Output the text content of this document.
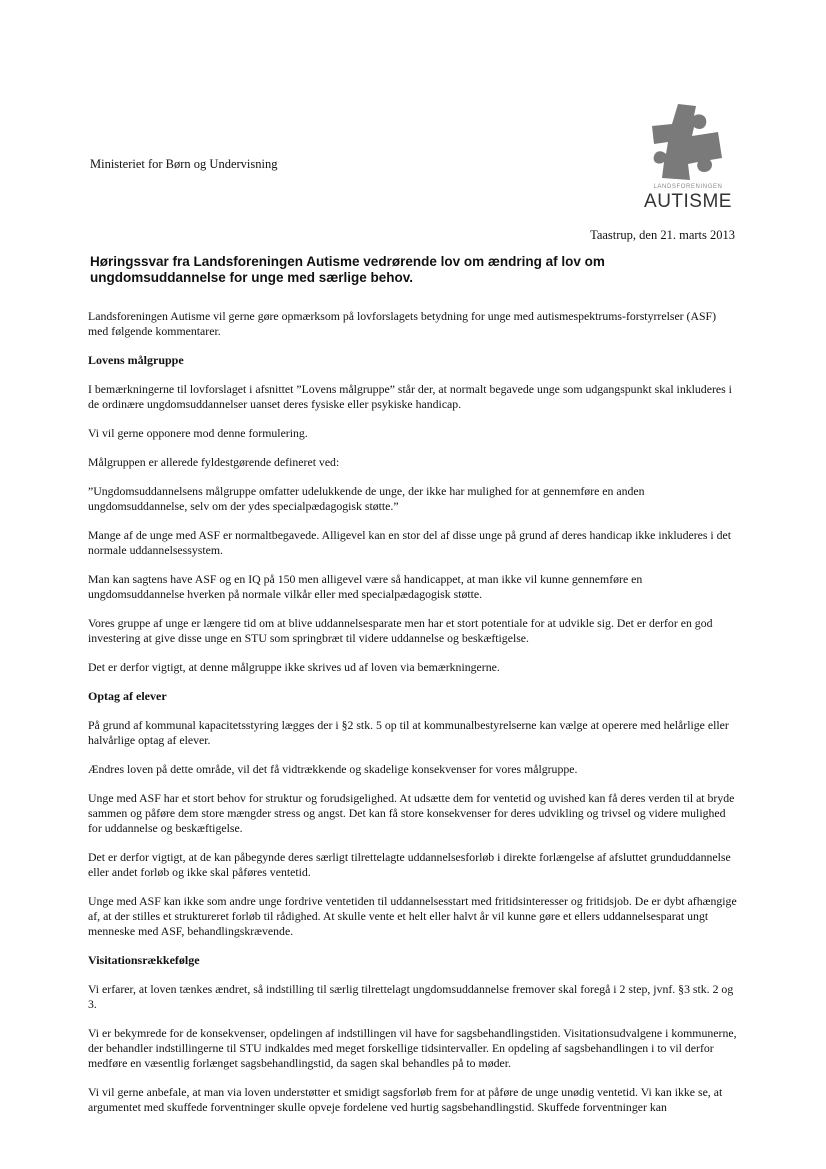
Ministeriet for Børn og Undervisning
LANDSFORENINGEN
AUTISME
Taastrup, den 21. marts 2013
Høringssvar fra Landsforeningen Autisme vedrørende lov om ændring af lov om ungdomsuddannelse for unge med særlige behov.

Landsforeningen Autisme vil gerne gøre opmærksom på lovforslagets betydning for unge med autismespektrums-forstyrrelser (ASF) med følgende kommentarer.

Lovens målgruppe

I bemærkningerne til lovforslaget i afsnittet ”Lovens målgruppe” står der, at normalt begavede unge som udgangspunkt skal inkluderes i de ordinære ungdomsuddannelser uanset deres fysiske eller psykiske handicap.

Vi vil gerne opponere mod denne formulering.

Målgruppen er allerede fyldestgørende defineret ved:

”Ungdomsuddannelsens målgruppe omfatter udelukkende de unge, der ikke har mulighed for at gennemføre en anden ungdomsuddannelse, selv om der ydes specialpædagogisk støtte.”

Mange af de unge med ASF er normaltbegavede. Alligevel kan en stor del af disse unge på grund af deres handicap ikke inkluderes i det normale uddannelsessystem.

Man kan sagtens have ASF og en IQ på 150 men alligevel være så handicappet, at man ikke vil kunne gennemføre en ungdomsuddannelse hverken på normale vilkår eller med specialpædagogisk støtte.

Vores gruppe af unge er længere tid om at blive uddannelsesparate men har et stort potentiale for at udvikle sig. Det er derfor en god investering at give disse unge en STU som springbræt til videre uddannelse og beskæftigelse.

Det er derfor vigtigt, at denne målgruppe ikke skrives ud af loven via bemærkningerne.

Optag af elever

På grund af kommunal kapacitetsstyring lægges der i §2 stk. 5 op til at kommunalbestyrelserne kan vælge at operere med helårlige eller halvårlige optag af elever.

Ændres loven på dette område, vil det få vidtrækkende og skadelige konsekvenser for vores målgruppe.

Unge med ASF har et stort behov for struktur og forudsigelighed. At udsætte dem for ventetid og uvished kan få deres verden til at bryde sammen og påføre dem store mængder stress og angst. Det kan få store konsekvenser for deres udvikling og trivsel og videre mulighed for uddannelse og beskæftigelse.

Det er derfor vigtigt, at de kan påbegynde deres særligt tilrettelagte uddannelsesforløb i direkte forlængelse af afsluttet grunduddannelse eller andet forløb og ikke skal påføres ventetid.

Unge med ASF kan ikke som andre unge fordrive ventetiden til uddannelsesstart med fritidsinteresser og fritidsjob. De er dybt afhængige af, at der stilles et struktureret forløb til rådighed. At skulle vente et helt eller halvt år vil kunne gøre et ellers uddannelsesparat ungt menneske med ASF, behandlingskrævende.

Visitationsrækkefølge

Vi erfarer, at loven tænkes ændret, så indstilling til særlig tilrettelagt ungdomsuddannelse fremover skal foregå i 2 step, jvnf. §3 stk. 2 og 3.

Vi er bekymrede for de konsekvenser, opdelingen af indstillingen vil have for sagsbehandlingstiden. Visitationsudvalgene i kommunerne, der behandler indstillingerne til STU indkaldes med meget forskellige tidsintervaller. En opdeling af sagsbehandlingen i to vil derfor medføre en væsentlig forlænget sagsbehandlingstid, da sagen skal behandles på to møder.

Vi vil gerne anbefale, at man via loven understøtter et smidigt sagsforløb frem for at påføre de unge unødig ventetid. Vi kan ikke se, at argumentet med skuffede forventninger skulle opveje fordelene ved hurtig sagsbehandlingstid. Skuffede forventninger kan
